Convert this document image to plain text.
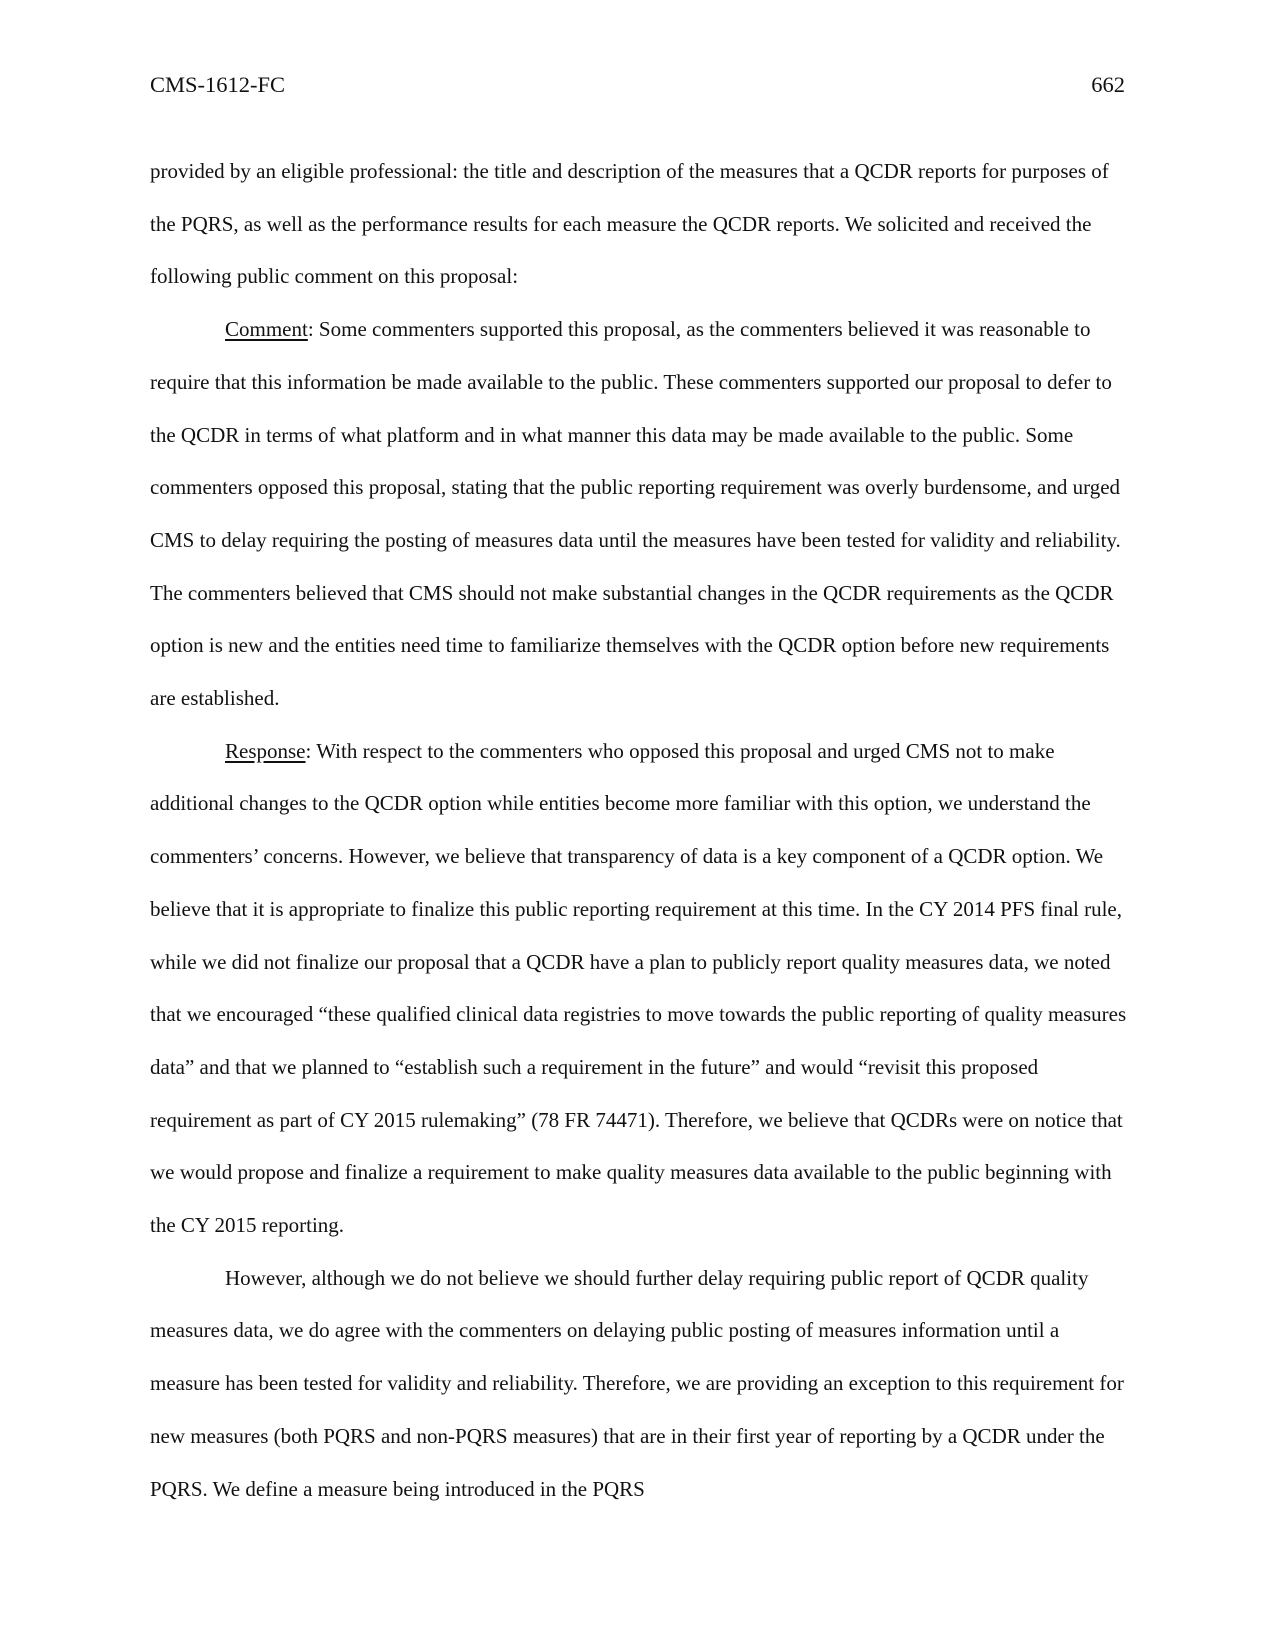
CMS-1612-FC	662

provided by an eligible professional: the title and description of the measures that a QCDR reports for purposes of the PQRS, as well as the performance results for each measure the QCDR reports. We solicited and received the following public comment on this proposal:

Comment: Some commenters supported this proposal, as the commenters believed it was reasonable to require that this information be made available to the public. These commenters supported our proposal to defer to the QCDR in terms of what platform and in what manner this data may be made available to the public. Some commenters opposed this proposal, stating that the public reporting requirement was overly burdensome, and urged CMS to delay requiring the posting of measures data until the measures have been tested for validity and reliability. The commenters believed that CMS should not make substantial changes in the QCDR requirements as the QCDR option is new and the entities need time to familiarize themselves with the QCDR option before new requirements are established.

Response: With respect to the commenters who opposed this proposal and urged CMS not to make additional changes to the QCDR option while entities become more familiar with this option, we understand the commenters’ concerns. However, we believe that transparency of data is a key component of a QCDR option. We believe that it is appropriate to finalize this public reporting requirement at this time. In the CY 2014 PFS final rule, while we did not finalize our proposal that a QCDR have a plan to publicly report quality measures data, we noted that we encouraged “these qualified clinical data registries to move towards the public reporting of quality measures data” and that we planned to “establish such a requirement in the future” and would “revisit this proposed requirement as part of CY 2015 rulemaking” (78 FR 74471). Therefore, we believe that QCDRs were on notice that we would propose and finalize a requirement to make quality measures data available to the public beginning with the CY 2015 reporting.

However, although we do not believe we should further delay requiring public report of QCDR quality measures data, we do agree with the commenters on delaying public posting of measures information until a measure has been tested for validity and reliability. Therefore, we are providing an exception to this requirement for new measures (both PQRS and non-PQRS measures) that are in their first year of reporting by a QCDR under the PQRS. We define a measure being introduced in the PQRS
